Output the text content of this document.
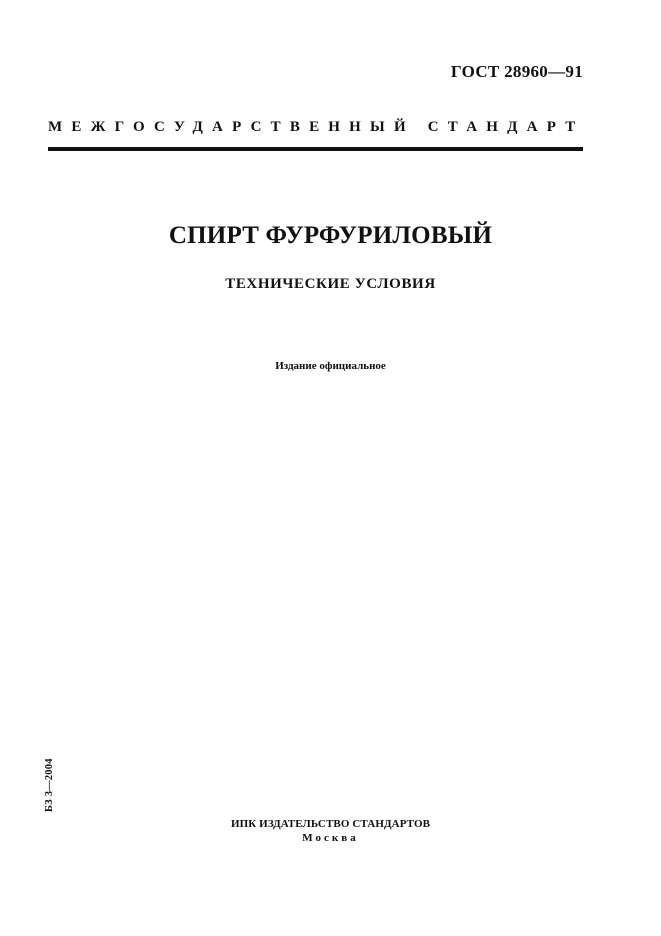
ГОСТ 28960—91
МЕЖГОСУДАРСТВЕННЫЙ СТАНДАРТ
СПИРТ ФУРФУРИЛОВЫЙ
ТЕХНИЧЕСКИЕ УСЛОВИЯ
Издание официальное
БЗ 3—2004
ИПК ИЗДАТЕЛЬСТВО СТАНДАРТОВ
Москва
